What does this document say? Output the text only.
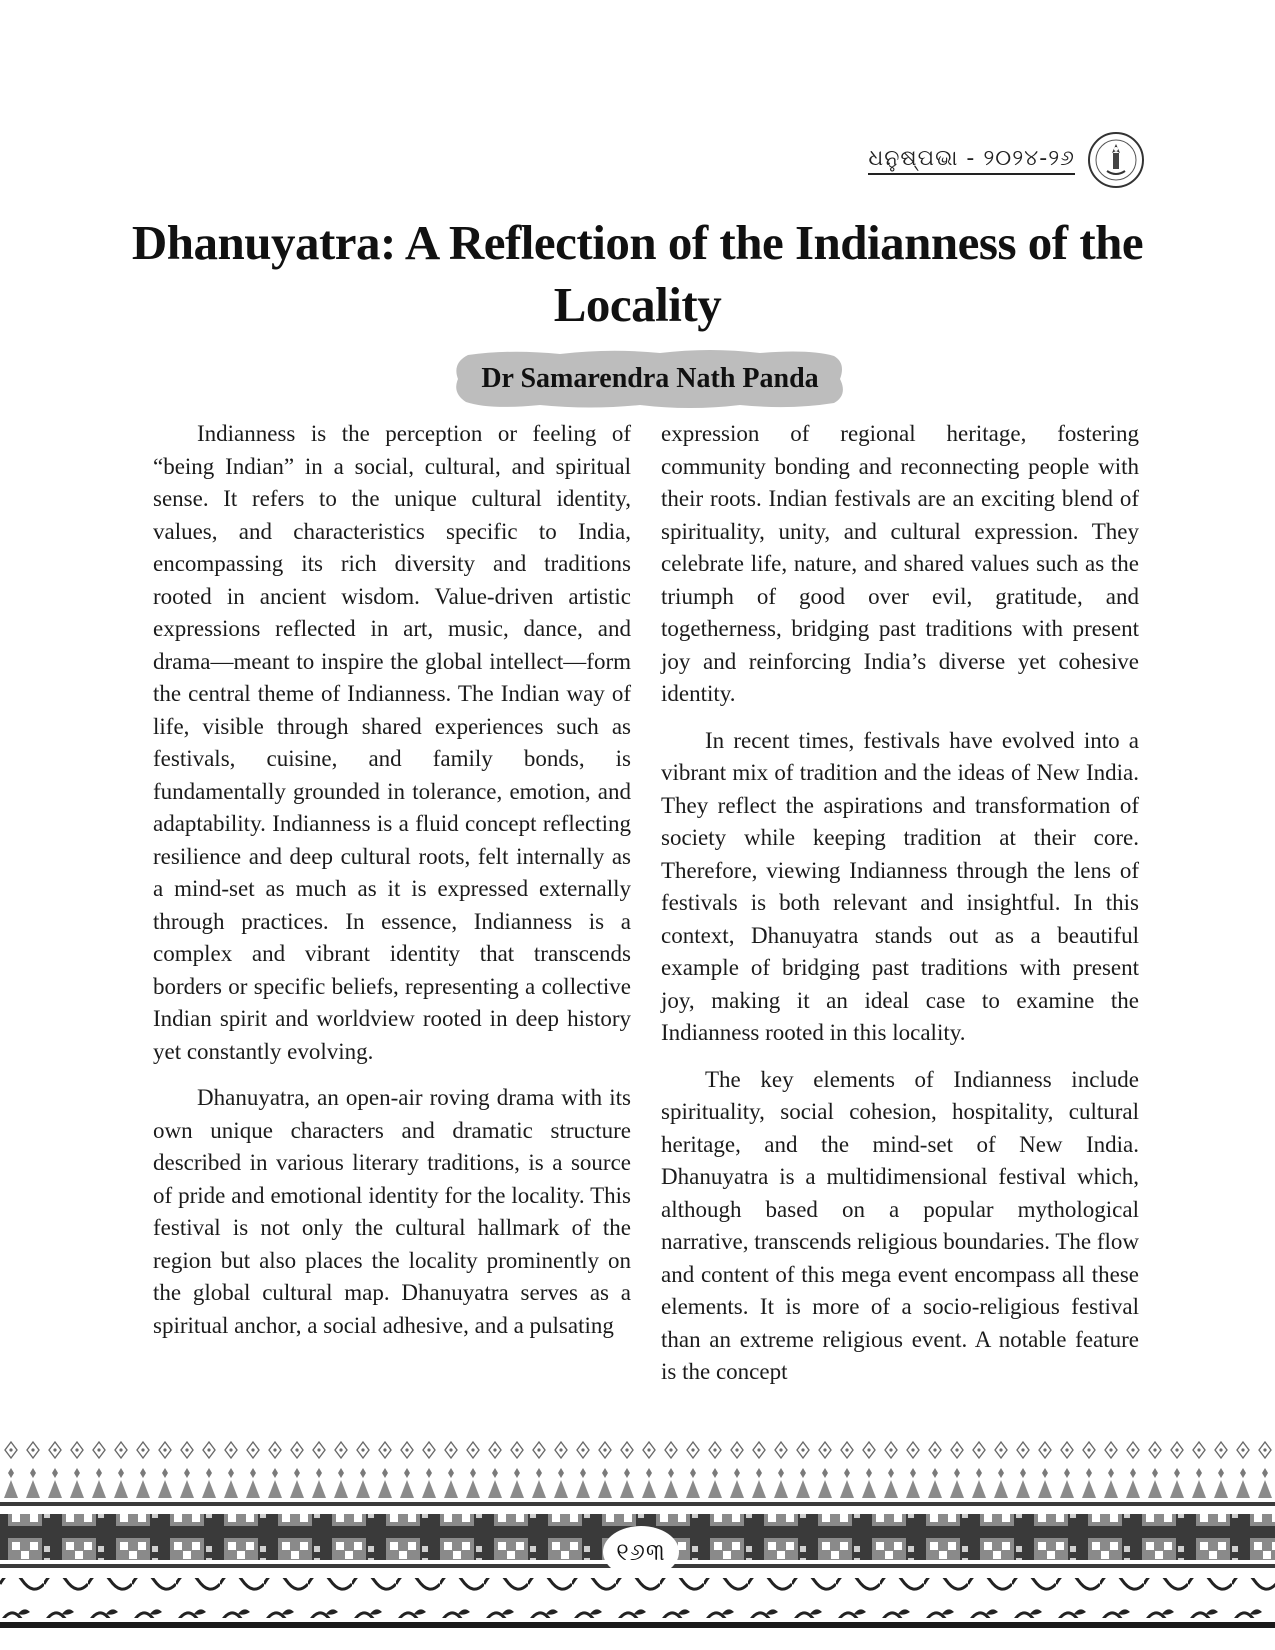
ଧନୁଷ୍ପଭା - ୨୦୨୪-୨୬
Dhanuyatra: A Reflection of the Indianness of the Locality
Dr Samarendra Nath Panda

Indianness is the perception or feeling of “being Indian” in a social, cultural, and spiritual sense. It refers to the unique cultural identity, values, and characteristics specific to India, encompassing its rich diversity and traditions rooted in ancient wisdom. Value-driven artistic expressions reflected in art, music, dance, and drama—meant to inspire the global intellect—form the central theme of Indianness. The Indian way of life, visible through shared experiences such as festivals, cuisine, and family bonds, is fundamentally grounded in tolerance, emotion, and adaptability. Indianness is a fluid concept reflecting resilience and deep cultural roots, felt internally as a mind-set as much as it is expressed externally through practices. In essence, Indianness is a complex and vibrant identity that transcends borders or specific beliefs, representing a collective Indian spirit and worldview rooted in deep history yet constantly evolving.

Dhanuyatra, an open-air roving drama with its own unique characters and dramatic structure described in various literary traditions, is a source of pride and emotional identity for the locality. This festival is not only the cultural hallmark of the region but also places the locality prominently on the global cultural map. Dhanuyatra serves as a spiritual anchor, a social adhesive, and a pulsating

expression of regional heritage, fostering community bonding and reconnecting people with their roots. Indian festivals are an exciting blend of spirituality, unity, and cultural expression. They celebrate life, nature, and shared values such as the triumph of good over evil, gratitude, and togetherness, bridging past traditions with present joy and reinforcing India’s diverse yet cohesive identity.

In recent times, festivals have evolved into a vibrant mix of tradition and the ideas of New India. They reflect the aspirations and transformation of society while keeping tradition at their core. Therefore, viewing Indianness through the lens of festivals is both relevant and insightful. In this context, Dhanuyatra stands out as a beautiful example of bridging past traditions with present joy, making it an ideal case to examine the Indianness rooted in this locality.

The key elements of Indianness include spirituality, social cohesion, hospitality, cultural heritage, and the mind-set of New India. Dhanuyatra is a multidimensional festival which, although based on a popular mythological narrative, transcends religious boundaries. The flow and content of this mega event encompass all these elements. It is more of a socio-religious festival than an extreme religious event. A notable feature is the concept

୧୬୩
